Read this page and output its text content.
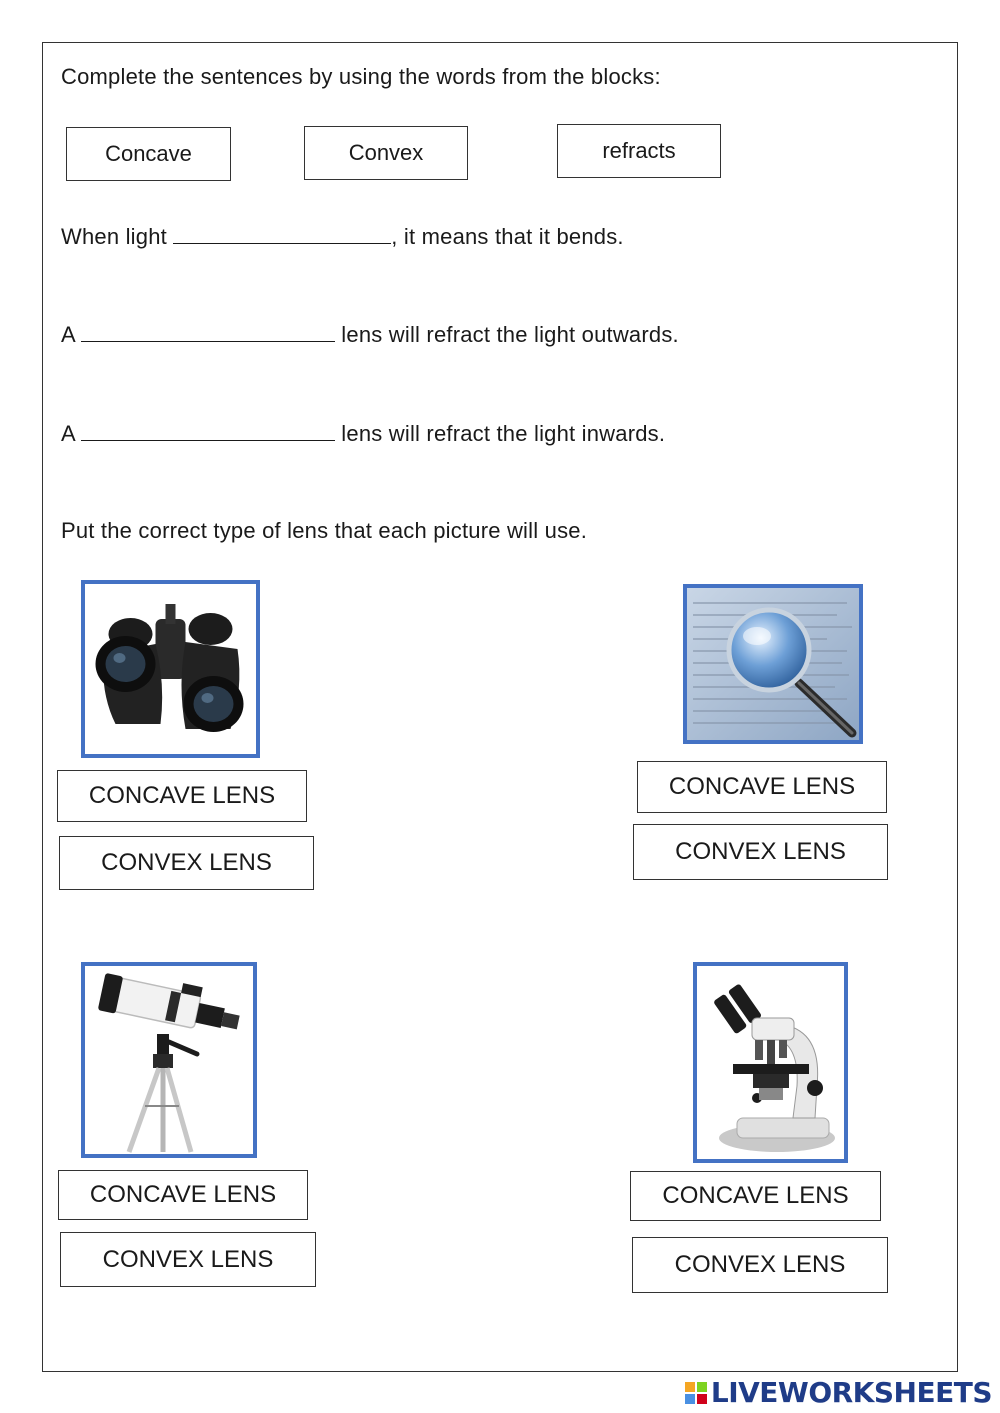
Complete the sentences by using the words from the blocks:
Concave	Convex	refracts
When light	, it means that it bends.
A	lens will refract the light outwards.
A	lens will refract the light inwards.
Put the correct type of lens that each picture will use.
CONCAVE LENS
CONVEX LENS
CONCAVE LENS
CONVEX LENS
CONCAVE LENS
CONVEX LENS
CONCAVE LENS
CONVEX LENS
LIVEWORKSHEETS
